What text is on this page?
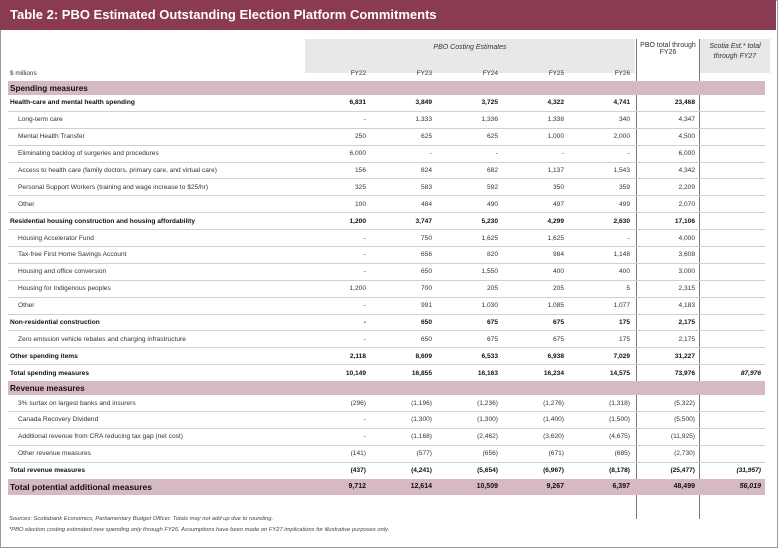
Table 2: PBO Estimated Outstanding Election Platform Commitments
PBO Costing Estimates	PBO total through FY26
Scotia Est.* total through FY27
$ millions	FY22	FY23	FY24	FY25	FY26		
Spending measures							
Health-care and mental health spending	6,831	3,849	3,725	4,322	4,741	23,468	
Long-term care	-	1,333	1,336	1,338	340	4,347	
Mental Health Transfer	250	625	625	1,000	2,000	4,500	
Eliminating backlog of surgeries and procedures	6,000	-	-	-	-	6,000	
Access to health care (family doctors, primary care, and virtual care)	156	824	682	1,137	1,543	4,342	
Personal Support Workers (training and wage increase to $25/hr)	325	583	592	350	359	2,209	
Other	100	484	490	497	499	2,070	
Residential housing construction and housing affordability	1,200	3,747	5,230	4,299	2,630	17,106	
Housing Accelerator Fund	-	750	1,625	1,625	-	4,000	
Tax-free First Home Savings Account	-	656	820	984	1,148	3,608	
Housing and office conversion	-	650	1,550	400	400	3,000	
Housing for Indigenous peoples	1,200	700	205	205	5	2,315	
Other	-	991	1,030	1,085	1,077	4,183	
Non-residential construction	-	650	675	675	175	2,175	
Zero emission vehicle rebates and charging infrastructure	-	650	675	675	175	2,175	
Other spending items	2,118	8,609	6,533	6,938	7,029	31,227	
Total spending measures	10,149	16,855	16,163	16,234	14,575	73,976	87,976
Revenue measures							
3% surtax on largest banks and insurers	(296)	(1,196)	(1,236)	(1,276)	(1,318)	(5,322)	
Canada Recovery Dividend	-	(1,300)	(1,300)	(1,400)	(1,500)	(5,500)	
Additional revenue from CRA reducing tax gap (net cost)	-	(1,168)	(2,462)	(3,620)	(4,675)	(11,925)	
Other revenue measures	(141)	(577)	(656)	(671)	(685)	(2,730)	
Total revenue measures	(437)	(4,241)	(5,654)	(6,967)	(8,178)	(25,477)	(31,957)
Total potential additional measures	9,712	12,614	10,509	9,267	6,397	48,499	56,019
Sources: Scotiabank Economics, Parliamentary Budget Officer. Totals may not add up due to rounding.
*PBO election costing estimated new spending only through FY26. Assumptions have been made on FY27 implications for illustrative purposes only.
